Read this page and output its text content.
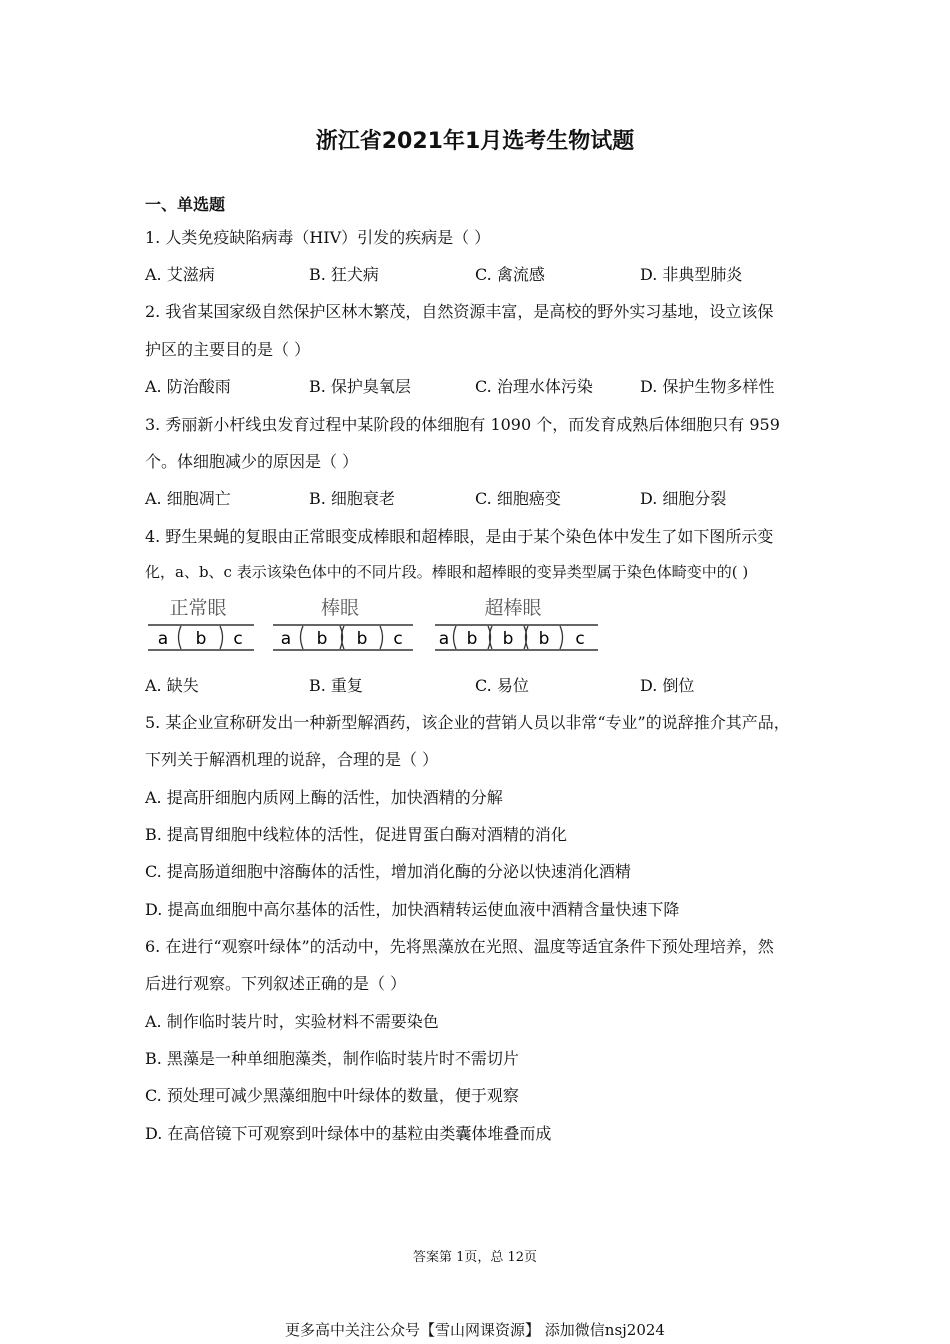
浙江省2021年1月选考生物试题
一、单选题
1. 人类免疫缺陷病毒（HIV）引发的疾病是（ ）
A. 艾滋病	B. 狂犬病	C. 禽流感	D. 非典型肺炎
2. 我省某国家级自然保护区林木繁茂，自然资源丰富，是高校的野外实习基地，设立该保
护区的主要目的是（ ）
A. 防治酸雨	B. 保护臭氧层	C. 治理水体污染	D. 保护生物多样性
3. 秀丽新小杆线虫发育过程中某阶段的体细胞有 1090 个，而发育成熟后体细胞只有 959
个。体细胞减少的原因是（ ）
A. 细胞凋亡	B. 细胞衰老	C. 细胞癌变	D. 细胞分裂
4. 野生果蝇的复眼由正常眼变成棒眼和超棒眼，是由于某个染色体中发生了如下图所示变
化，a、b、c 表示该染色体中的不同片段。棒眼和超棒眼的变异类型属于染色体畸变中的( )
正常眼	棒眼	超棒眼
a b c a b b c a b b b c
A. 缺失	B. 重复	C. 易位	D. 倒位
5. 某企业宣称研发出一种新型解酒药，该企业的营销人员以非常“专业”的说辞推介其产品，
下列关于解酒机理的说辞，合理的是（ ）
A. 提高肝细胞内质网上酶的活性，加快酒精的分解
B. 提高胃细胞中线粒体的活性，促进胃蛋白酶对酒精的消化
C. 提高肠道细胞中溶酶体的活性，增加消化酶的分泌以快速消化酒精
D. 提高血细胞中高尔基体的活性，加快酒精转运使血液中酒精含量快速下降
6. 在进行“观察叶绿体”的活动中，先将黑藻放在光照、温度等适宜条件下预处理培养，然
后进行观察。下列叙述正确的是（ ）
A. 制作临时装片时，实验材料不需要染色
B. 黑藻是一种单细胞藻类，制作临时装片时不需切片
C. 预处理可减少黑藻细胞中叶绿体的数量，便于观察
D. 在高倍镜下可观察到叶绿体中的基粒由类囊体堆叠而成
答案第 1页，总 12页
更多高中关注公众号【雪山网课资源】 添加微信nsj2024
